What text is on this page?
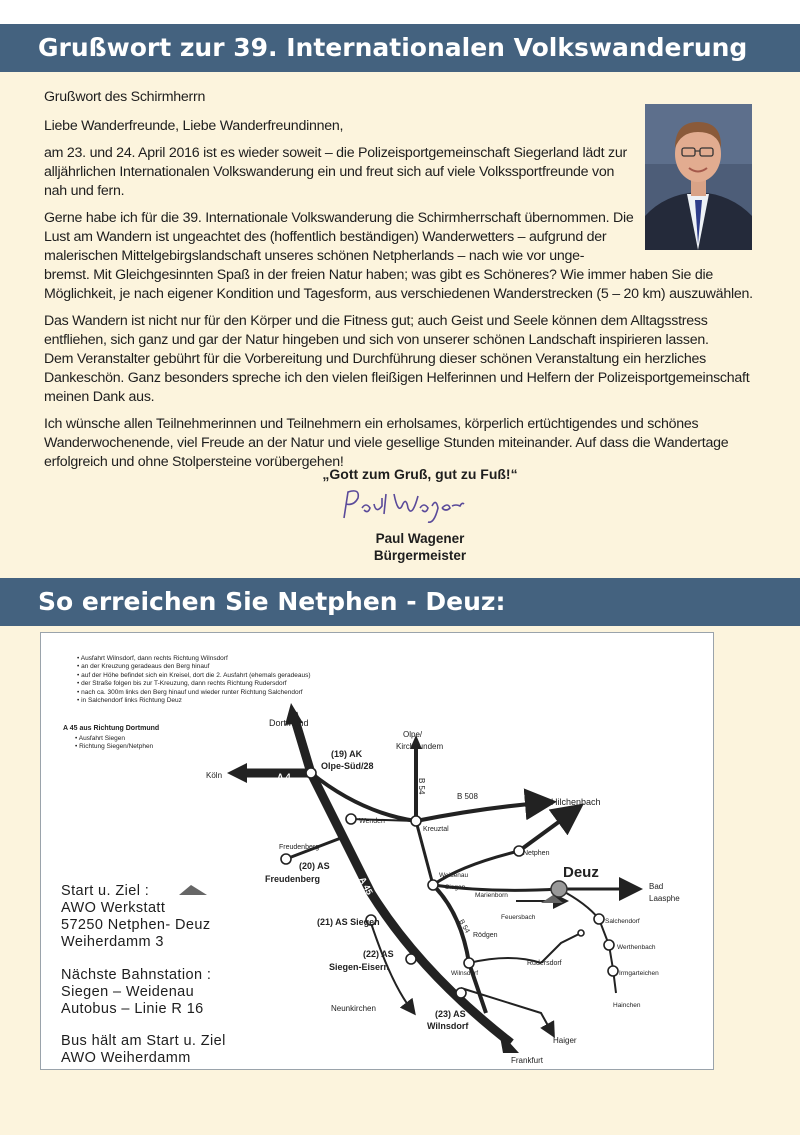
Grußwort zur 39. Internationalen Volkswanderung

Grußwort des Schirmherrn

Liebe Wanderfreunde, Liebe Wanderfreundinnen,

am 23. und 24. April 2016 ist es wieder soweit – die Polizeisportgemeinschaft Siegerland lädt zur alljährlichen Internationalen Volkswanderung ein und freut sich auf viele Volkssportfreunde von nah und fern.

Gerne habe ich für die 39. Internationale Volkswanderung die Schirmherrschaft übernommen. Die Lust am Wandern ist ungeachtet des (hoffentlich beständigen) Wanderwetters – aufgrund der malerischen Mittelgebirgslandschaft unseres schönen Netpherlands – nach wie vor unge-

bremst. Mit Gleichgesinnten Spaß in der freien Natur haben; was gibt es Schöneres? Wie immer haben Sie die Möglichkeit, je nach eigener Kondition und Tagesform, aus verschiedenen Wanderstrecken (5 – 20 km) auszuwählen.

Das Wandern ist nicht nur für den Körper und die Fitness gut; auch Geist und Seele können dem Alltagsstress entfliehen, sich ganz und gar der Natur hingeben und sich von unserer schönen Landschaft inspirieren lassen.

Dem Veranstalter gebührt für die Vorbereitung und Durchführung dieser schönen Veranstaltung ein herzliches Dankeschön. Ganz besonders spreche ich den vielen fleißigen Helferinnen und Helfern der Polizeisportgemeinschaft meinen Dank aus.

Ich wünsche allen Teilnehmerinnen und Teilnehmern ein erholsames, körperlich ertüchtigendes und schönes Wanderwochenende, viel Freude an der Natur und viele gesellige Stunden miteinander. Auf dass die Wandertage erfolgreich und ohne Stolpersteine vorübergehen!

„Gott zum Gruß, gut zu Fuß!“
Paul Wagener
Bürgermeister
So erreichen Sie Netphen - Deuz:
• Ausfahrt Wilnsdorf, dann rechts Richtung Wilnsdorf
• an der Kreuzung geradeaus den Berg hinauf
• auf der Höhe befindet sich ein Kreisel, dort die 2. Ausfahrt (ehemals geradeaus)
• der Straße folgen bis zur T-Kreuzung, dann rechts Richtung Rudersdorf
• nach ca. 300m links den Berg hinauf und wieder runter Richtung Salchendorf
• in Salchendorf links Richtung Deuz
A 45 aus Richtung Dortmund
• Ausfahrt Siegen
• Richtung Siegen/Netphen
Start u. Ziel :
AWO Werkstatt
57250 Netphen- Deuz
Weiherdamm 3
Nächste Bahnstation :
Siegen – Weidenau
Autobus – Linie R 16
Bus hält am Start u. Ziel
AWO Weiherdamm
Dortmund
Olpe/
Kirchhundem
Köln	A 4
(19) AK
Olpe-Süd/28
B 54
B 508
Hilchenbach
Wenden
Kreuztal
Freudenberg
(20) AS
Freudenberg	A 45
Netphen
Deuz
Bad
Laasphe
Weidenau
Siegen
Marienborn
Feuersbach
Salchendorf
Werthenbach
Irmgarteichen
Hainchen
(21) AS Siegen	B 54
Rödgen
(22) AS
Siegen-Eisern
Wilnsdorf
Rudersdorf
Neunkirchen
(23) AS
Wilnsdorf
Haiger
Frankfurt
